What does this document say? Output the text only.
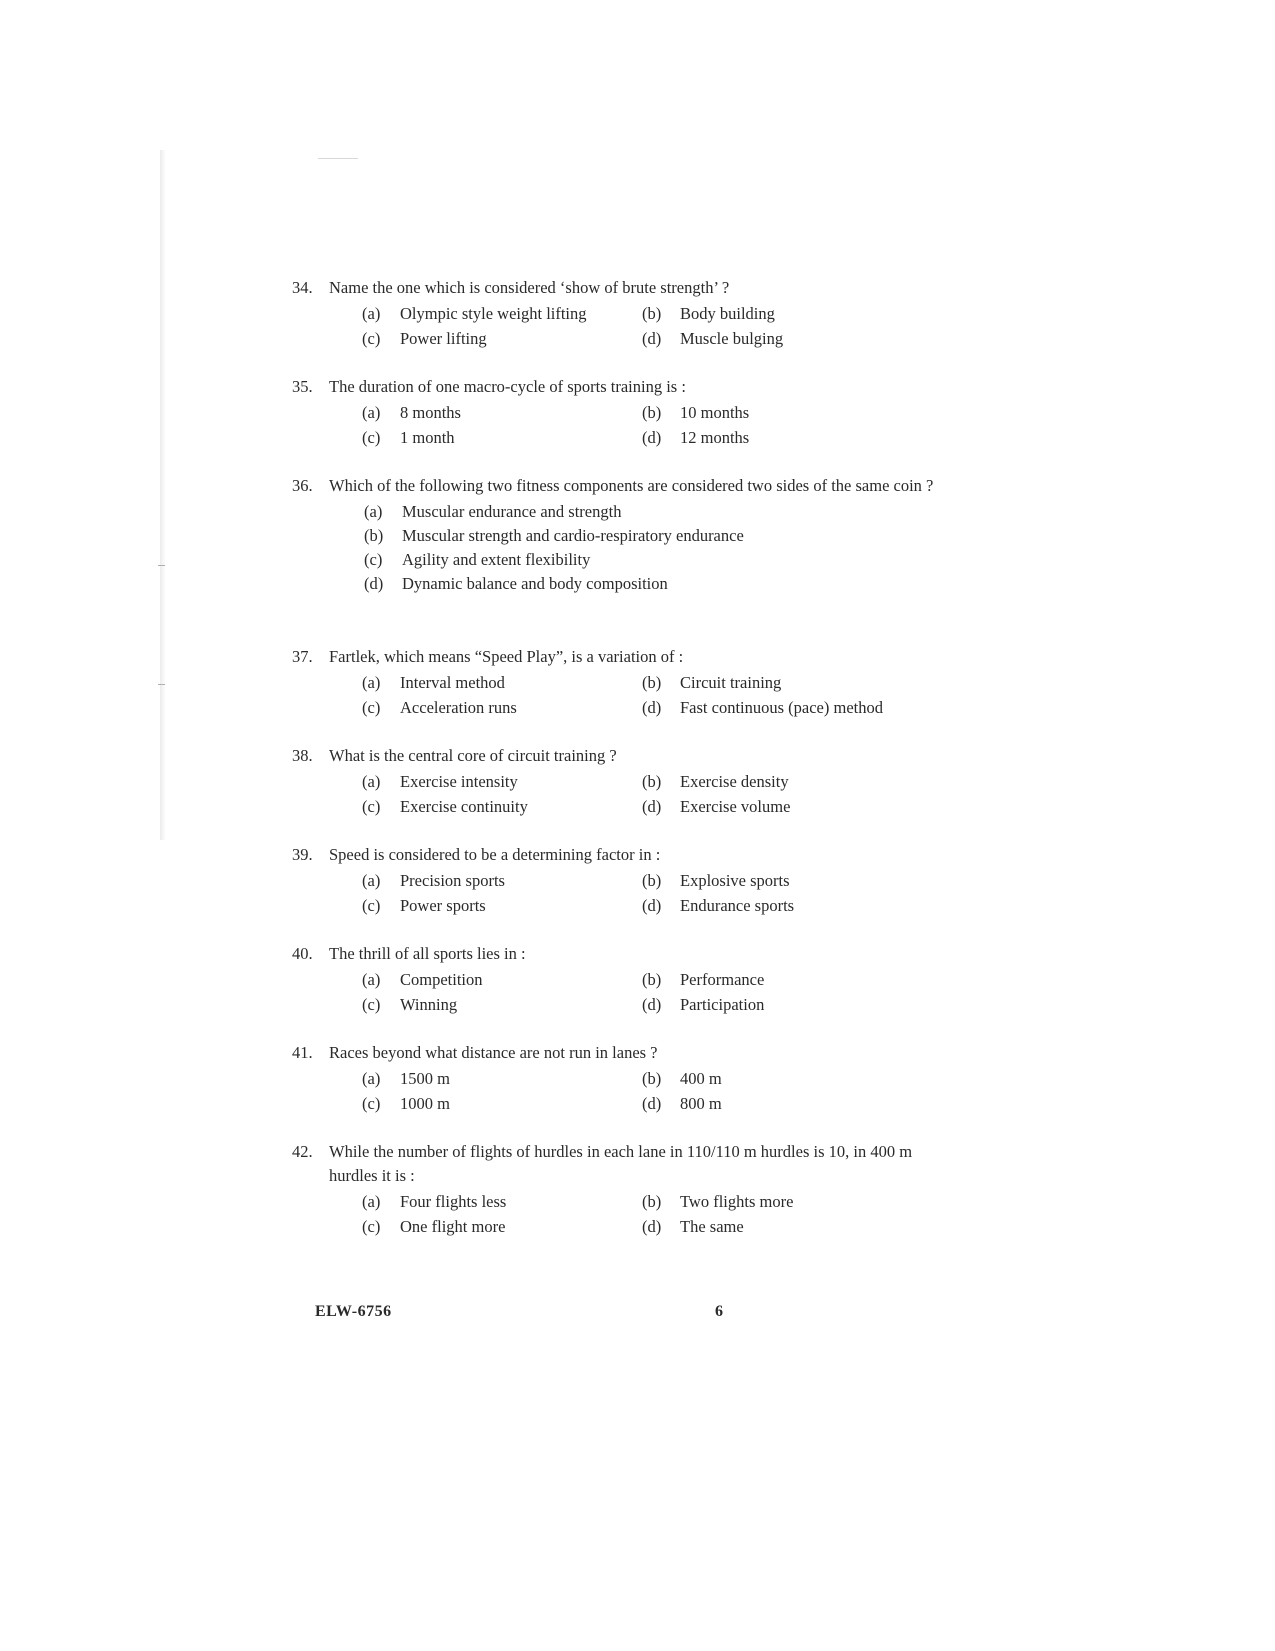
34. Name the one which is considered ‘show of brute strength’ ?
(a) Olympic style weight lifting	(b) Body building
(c) Power lifting	(d) Muscle bulging
35. The duration of one macro-cycle of sports training is :
(a) 8 months	(b) 10 months
(c) 1 month	(d) 12 months
36. Which of the following two fitness components are considered two sides of the same coin ?
(a) Muscular endurance and strength
(b) Muscular strength and cardio-respiratory endurance
(c) Agility and extent flexibility
(d) Dynamic balance and body composition
37. Fartlek, which means “Speed Play”, is a variation of :
(a) Interval method	(b) Circuit training
(c) Acceleration runs	(d) Fast continuous (pace) method
38. What is the central core of circuit training ?
(a) Exercise intensity	(b) Exercise density
(c) Exercise continuity	(d) Exercise volume
39. Speed is considered to be a determining factor in :
(a) Precision sports	(b) Explosive sports
(c) Power sports	(d) Endurance sports
40. The thrill of all sports lies in :
(a) Competition	(b) Performance
(c) Winning	(d) Participation
41. Races beyond what distance are not run in lanes ?
(a) 1500 m	(b) 400 m
(c) 1000 m	(d) 800 m
42. While the number of flights of hurdles in each lane in 110/110 m hurdles is 10, in 400 m hurdles it is :
(a) Four flights less	(b) Two flights more
(c) One flight more	(d) The same
ELW-6756	6
